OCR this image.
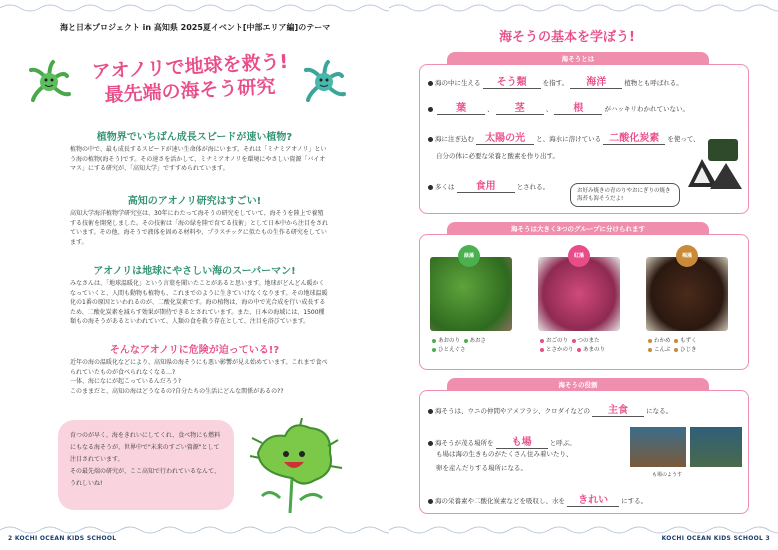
海と日本プロジェクト in 高知県 2025夏イベント[中部エリア編]のテーマ
アオノリで地球を救う!
最先端の海そう研究
植物界でいちばん成長スピードが速い植物?
植物の中で、最も成長するスピードが速い生命体が海にいます。それは「ミナミアオノリ」という海の植物(海そう)です。その速さを活かして、ミナミアオノリを環境にやさしい資源「バイオマス」にする研究が、「高知大学」ですすめられています。
高知のアオノリ研究はすごい!
高知大学海洋植物学研究室は、30年にわたって海そうの研究をしていて、海そうを陸上で養殖する技術を開発しました。その技術は「海の緑を陸で育てる技術」として日本中から注目をされています。その他、海そうで液体を固める材料や、プラスチックに似たもの生作る研究をしています。
アオノリは地球にやさしい海のスーパーマン!
みなさんは、「地球温暖化」という言葉を聞いたことがあると思います。地球がどんどん暖かくなっていくと、人間も動物も植物も、これまでのように生きていけなくなります。その地球温暖化の1番の原因といわれるのが、二酸化炭素です。海の植物は、海の中で光合成を行い成長するため、二酸化炭素を減らす効果が期待できるとされています。また、日本の海域には、1500種類もの海そうがあるといわれていて、人類の食を救う存在として、注目を浴びています。
そんなアオノリに危険が迫っている!?
近年の海の温暖化などにより、高知県の海そうにも悪い影響が見え始めています。これまで食べられていたものが食べられなくなる…?
一体、海になにが起こっているんだろう?
このままだと、高知の海はどうなるの?自分たちの生活にどんな関係があるの??
育つのが早く、海をきれいにしてくれ、食べ物にも燃料にもなる海そうが、世界中で"未来のすごい資源"として注目されています。
その最先端の研究が、ここ高知で行われているなんて、うれしいね!
2 KOCHI OCEAN KIDS SCHOOL
海そうの基本を学ぼう!
海そうとは
海の中に生える そう類 を指す。 海洋	植物とも呼ばれる。
葉	、 茎	、 根	がハッキリわかれていない。
海に注ぎ込む 太陽の光 と、海水に溶けている 二酸化炭素 を使って、
自分の体に必要な栄養と酸素を作り出す。
多くは 食用	とされる。	お好み焼きの青のりやおにぎりの焼き海苔も海そうだよ!
海そうは大きく3つのグループに分けられます
緑藻
あおのり あおさ
ひとえぐさ
紅藻
おごのり つのまた
とさかのり あまのり
褐藻
わかめ もずく
こんぶ ひじき
海そうの役割
海そうは、ウニの仲間やアメフラシ、クロダイなどの 主食	になる。
海そうが茂る場所を も場	と呼ぶ。
も場は海の生きものがたくさん住み着いたり、
卵を産んだりする場所になる。
も場のようす
海の栄養素や二酸化炭素などを吸収し、水を きれい にする。
KOCHI OCEAN KIDS SCHOOL 3
